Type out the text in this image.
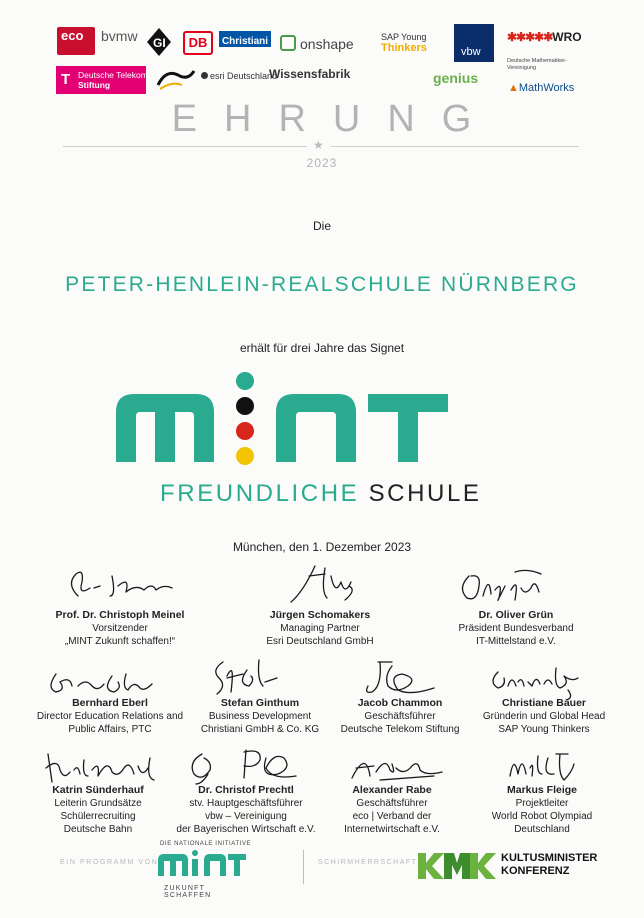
eco bvmw GI	DB	Christiani	onshape	SAP Young
Thinkers	vbw
✱✱✱✱✱WRO
T Deutsche Telekom
Stiftung
esri Deutschland
Wissensfabrik	genius
Deutsche Mathematiker-Vereinigung
▲MathWorks
EHRUNG
★
2023
Die
PETER-HENLEIN-REALSCHULE NÜRNBERG
erhält für drei Jahre das Signet
FREUNDLICHE SCHULE
München, den 1. Dezember 2023
Prof. Dr. Christoph Meinel
Vorsitzender
„MINT Zukunft schaffen!“
Jürgen Schomakers
Managing Partner
Esri Deutschland GmbH
Dr. Oliver Grün
Präsident Bundesverband
IT-Mittelstand e.V.
Bernhard Eberl
Director Education Relations and
Public Affairs, PTC
Stefan Ginthum
Business Development
Christiani GmbH & Co. KG
Jacob Chammon
Geschäftsführer
Deutsche Telekom Stiftung
Christiane Bauer
Gründerin und Global Head
SAP Young Thinkers
Katrin Sünderhauf
Leiterin Grundsätze
Schülerrecruiting
Deutsche Bahn
Dr. Christof Prechtl
stv. Hauptgeschäftsführer
vbw – Vereinigung
der Bayerischen Wirtschaft e.V.
Alexander Rabe
Geschäftsführer
eco | Verband der
Internetwirtschaft e.V.
Markus Fleige
Projektleiter
World Robot Olympiad
Deutschland
DIE NATIONALE INITIATIVE
EIN PROGRAMM VON
ZUKUNFT SCHAFFEN
SCHIRMHERRSCHAFT	KULTUSMINISTER
KONFERENZ
